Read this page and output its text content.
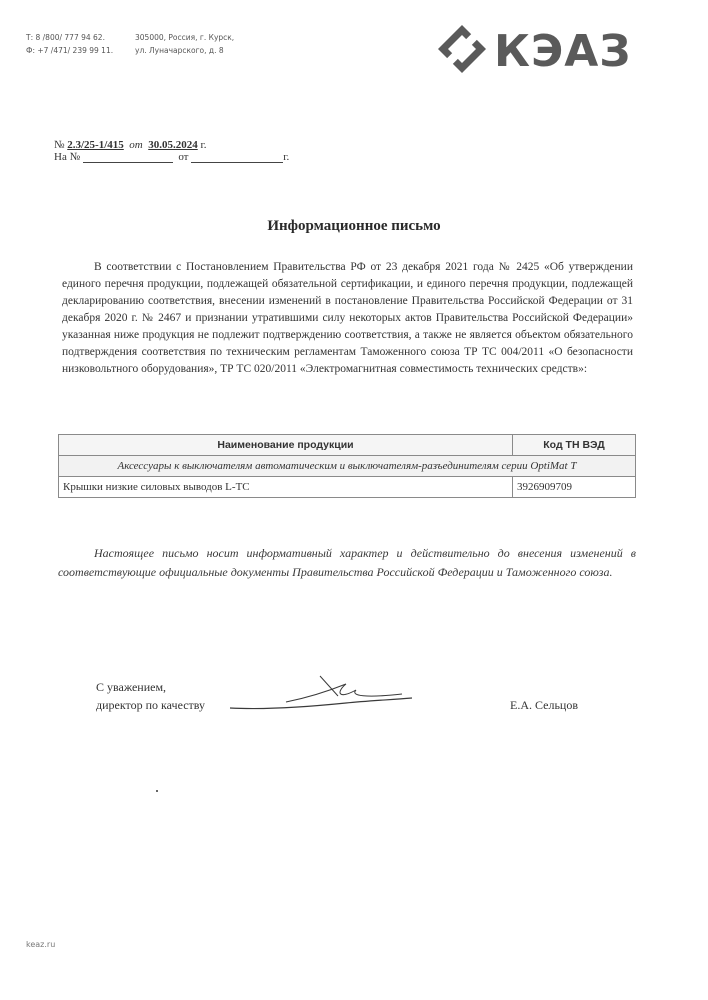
Т: 8 /800/ 777 94 62.
Ф: +7 /471/ 239 99 11.
305000, Россия, г. Курск,
ул. Луначарского, д. 8	КЭАЗ
№ 2.3/25-1/415 от 30.05.2024 г.
На №	от	г.
Информационное письмо
В соответствии с Постановлением Правительства РФ от 23 декабря 2021 года № 2425 «Об утверждении единого перечня продукции, подлежащей обязательной сертификации, и единого перечня продукции, подлежащей декларированию соответствия, внесении изменений в постановление Правительства Российской Федерации от 31 декабря 2020 г. № 2467 и признании утратившими силу некоторых актов Правительства Российской Федерации» указанная ниже продукция не подлежит подтверждению соответствия, а также не является объектом обязательного подтверждения соответствия по техническим регламентам Таможенного союза ТР ТС 004/2011 «О безопасности низковольтного оборудования», ТР ТС 020/2011 «Электромагнитная совместимость технических средств»:
Наименование продукции	Код ТН ВЭД
Аксессуары к выключателям автоматическим и выключателям-разъединителям серии OptiMat T	
Крышки низкие силовых выводов L-TC	3926909709
Настоящее письмо носит информативный характер и действительно до внесения изменений в соответствующие официальные документы Правительства Российской Федерации и Таможенного союза.
С уважением,
директор по качеству	Е.А. Сельцов
keaz.ru
